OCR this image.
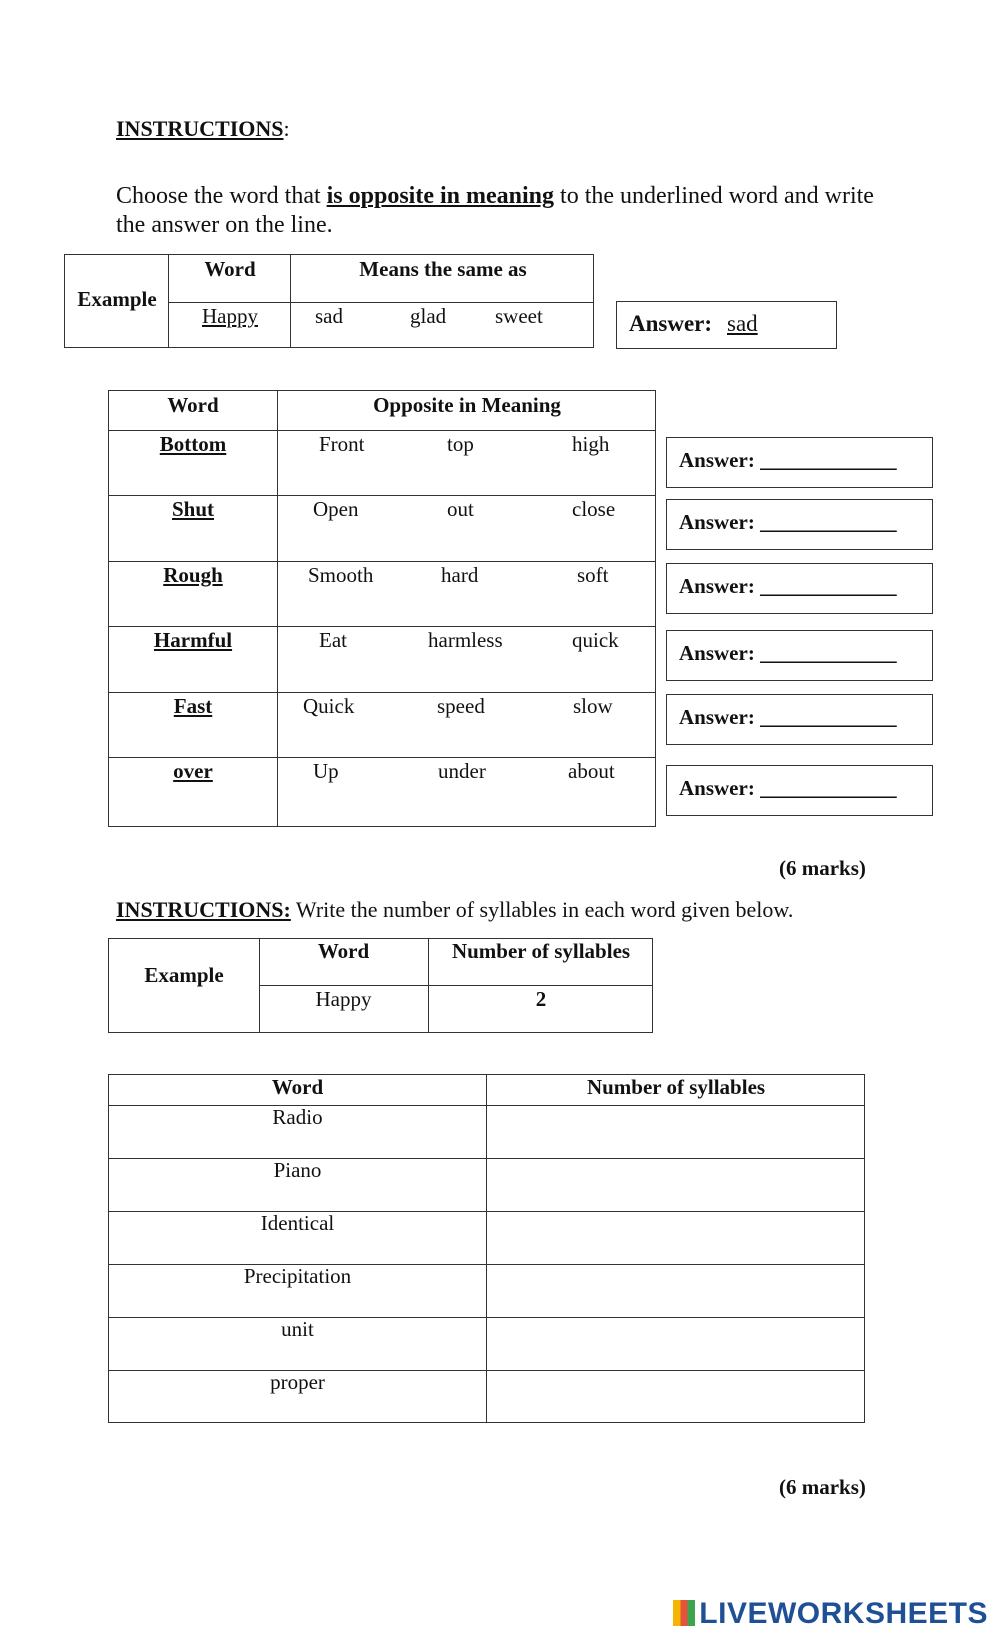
INSTRUCTIONS:
Choose the word that is opposite in meaning to the underlined word and write the answer on the line.
Example
Word	Means the same as
Happy	sad	glad sweet	Answer: sad
Word	Opposite in Meaning
Bottom	Front	top	high
Shut	Open	out	close
Rough	Smooth	hard	soft
Harmful	Eat	harmless	quick
Fast	Quick	speed	slow
over	Up	under	about
Answer: _____________
Answer: _____________
Answer: _____________
Answer: _____________
Answer: _____________
Answer: _____________
(6 marks)
INSTRUCTIONS: Write the number of syllables in each word given below.
Example
Word	Number of syllables
Happy	2
Word	Number of syllables
Radio
Piano
Identical
Precipitation
unit
proper
(6 marks)
LIVEWORKSHEETS
